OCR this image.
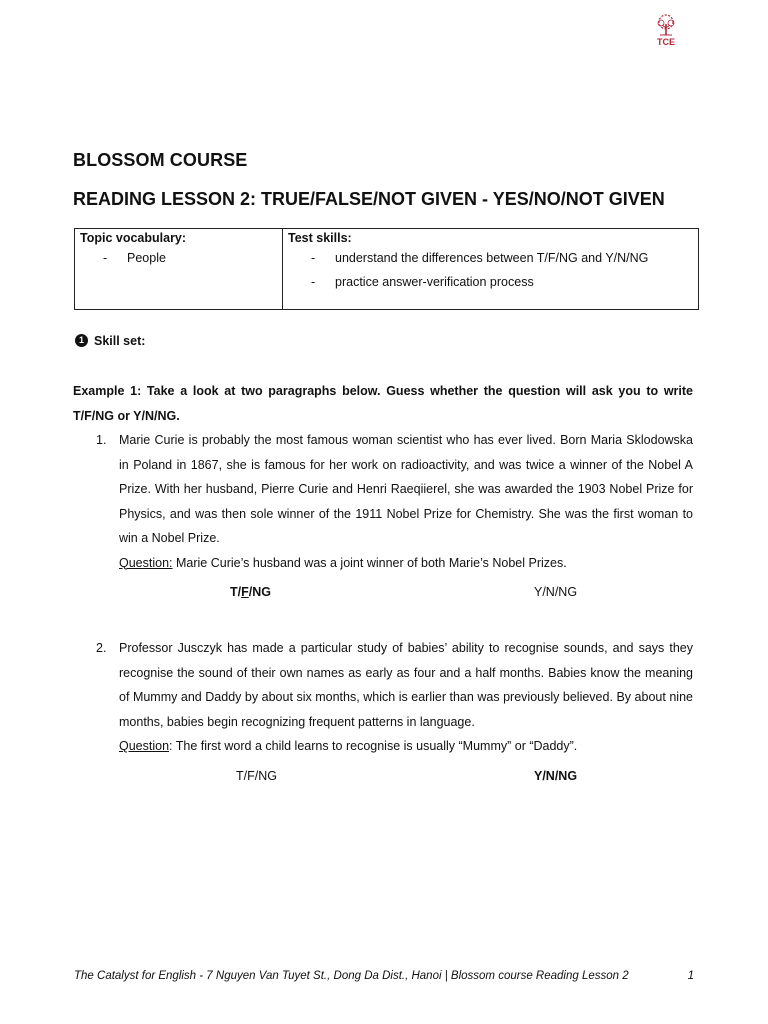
TCE
BLOSSOM COURSE
READING LESSON 2: TRUE/FALSE/NOT GIVEN - YES/NO/NOT GIVEN
Topic vocabulary:
- People

Test skills:
- understand the differences between T/F/NG and Y/N/NG
- practice answer-verification process
1 Skill set:

Example 1: Take a look at two paragraphs below. Guess whether the question will ask you to write T/F/NG or Y/N/NG.

1. Marie Curie is probably the most famous woman scientist who has ever lived. Born Maria Sklodowska in Poland in 1867, she is famous for her work on radioactivity, and was twice a winner of the Nobel A Prize. With her husband, Pierre Curie and Henri Raeqiierel, she was awarded the 1903 Nobel Prize for Physics, and was then sole winner of the 1911 Nobel Prize for Chemistry. She was the first woman to win a Nobel Prize.

Question: Marie Curie’s husband was a joint winner of both Marie’s Nobel Prizes.

T/F/NG	Y/N/NG
2. Professor Jusczyk has made a particular study of babies’ ability to recognise sounds, and says they recognise the sound of their own names as early as four and a half months. Babies know the meaning of Mummy and Daddy by about six months, which is earlier than was previously believed. By about nine months, babies begin recognizing frequent patterns in language.

Question: The first word a child learns to recognise is usually “Mummy” or “Daddy”.

T/F/NG	Y/N/NG
The Catalyst for English - 7 Nguyen Van Tuyet St., Dong Da Dist., Hanoi | Blossom course Reading Lesson 2	1
